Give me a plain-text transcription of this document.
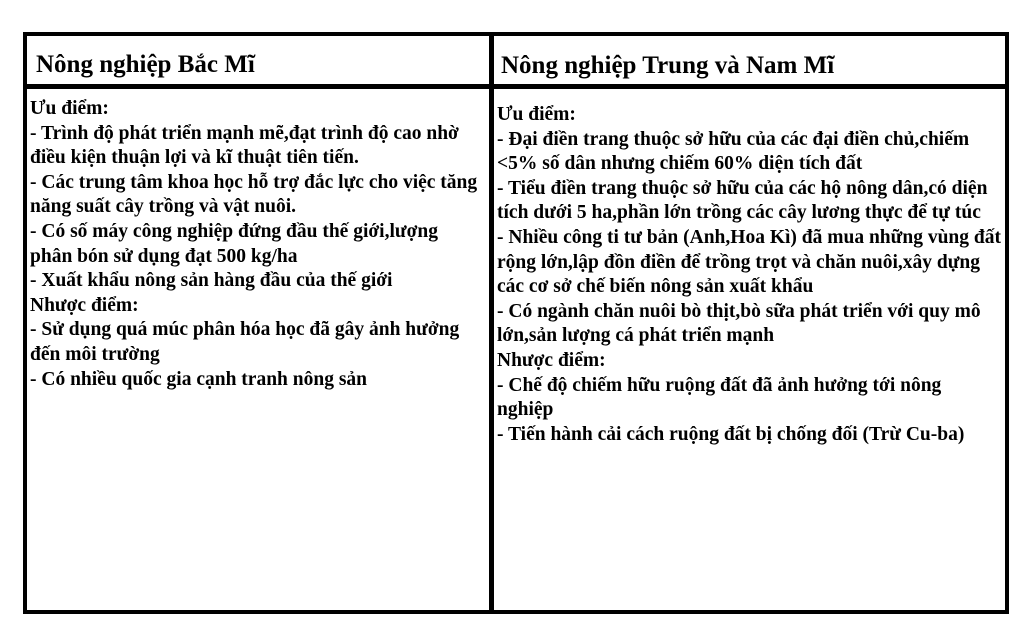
Nông nghiệp Bắc Mĩ	Nông nghiệp Trung và Nam Mĩ
Ưu điểm:
- Trình độ phát triển mạnh mẽ,đạt trình độ cao nhờ điều kiện thuận lợi và kĩ thuật tiên tiến.
- Các trung tâm khoa học hỗ trợ đắc lực cho việc tăng năng suất cây trồng và vật nuôi.
- Có số máy công nghiệp đứng đầu thế giới,lượng phân bón sử dụng đạt 500 kg/ha
- Xuất khẩu nông sản hàng đầu của thế giới
Nhược điểm:
- Sử dụng quá múc phân hóa học đã gây ảnh hưởng đến môi trường
- Có nhiều quốc gia cạnh tranh nông sản
Ưu điểm:
- Đại điền trang thuộc sở hữu của các đại điền chủ,chiếm <5% số dân nhưng chiếm 60% diện tích đất
- Tiểu điền trang thuộc sở hữu của các hộ nông dân,có diện tích dưới 5 ha,phần lớn trồng các cây lương thực để tự túc
- Nhiều công ti tư bản (Anh,Hoa Kì) đã mua những vùng đất rộng lớn,lập đồn điền để trồng trọt và chăn nuôi,xây dựng các cơ sở chế biến nông sản xuất khẩu
- Có ngành chăn nuôi bò thịt,bò sữa phát triển với quy mô lớn,sản lượng cá phát triển mạnh
Nhược điểm:
- Chế độ chiếm hữu ruộng đất đã ảnh hưởng tới nông nghiệp
- Tiến hành cải cách ruộng đất bị chống đối (Trừ Cu-ba)
